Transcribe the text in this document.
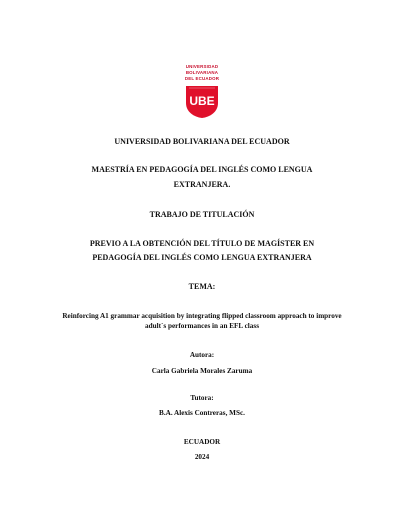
UNIVERSIDAD
BOLIVARIANA
DEL ECUADOR
UBE
UNIVERSIDAD BOLIVARIANA DEL ECUADOR
MAESTRÍA EN PEDAGOGÍA DEL INGLÉS COMO LENGUA
EXTRANJERA.
TRABAJO DE TITULACIÓN
PREVIO A LA OBTENCIÓN DEL TÍTULO DE MAGÍSTER EN
PEDAGOGÍA DEL INGLÉS COMO LENGUA EXTRANJERA
TEMA:
Reinforcing A1 grammar acquisition by integrating flipped classroom approach to improve
adult´s performances in an EFL class
Autora:
Carla Gabriela Morales Zaruma
Tutora:
B.A. Alexis Contreras, MSc.
ECUADOR
2024
